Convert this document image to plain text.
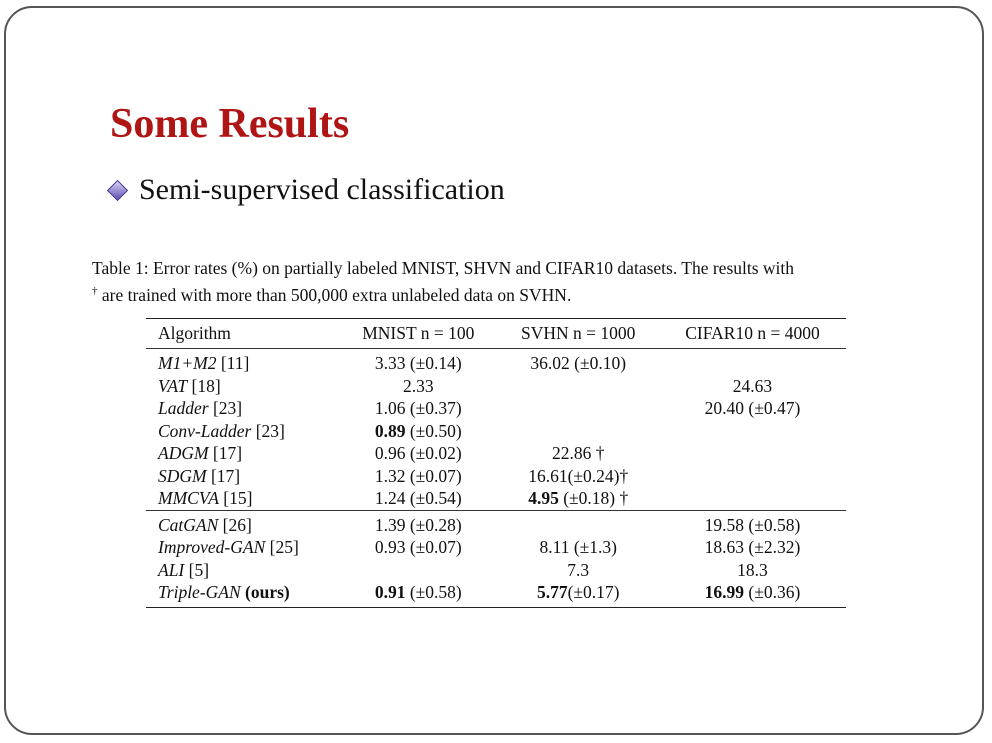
Some Results
Semi-supervised classification
Table 1: Error rates (%) on partially labeled MNIST, SHVN and CIFAR10 datasets. The results with
† are trained with more than 500,000 extra unlabeled data on SVHN.
Algorithm	MNIST n = 100	SVHN n = 1000	CIFAR10 n = 4000
M1+M2 [11]	3.33 (±0.14)	36.02 (±0.10)	
VAT [18]	2.33		24.63
Ladder [23]	1.06 (±0.37)		20.40 (±0.47)
Conv-Ladder [23]	0.89 (±0.50)		
ADGM [17]	0.96 (±0.02)	22.86 †	
SDGM [17]	1.32 (±0.07)	16.61(±0.24)†	
MMCVA [15]	1.24 (±0.54)	4.95 (±0.18) †	
CatGAN [26]	1.39 (±0.28)		19.58 (±0.58)
Improved-GAN [25]	0.93 (±0.07)	8.11 (±1.3)	18.63 (±2.32)
ALI [5]		7.3	18.3
Triple-GAN (ours)	0.91 (±0.58)	5.77(±0.17)	16.99 (±0.36)
